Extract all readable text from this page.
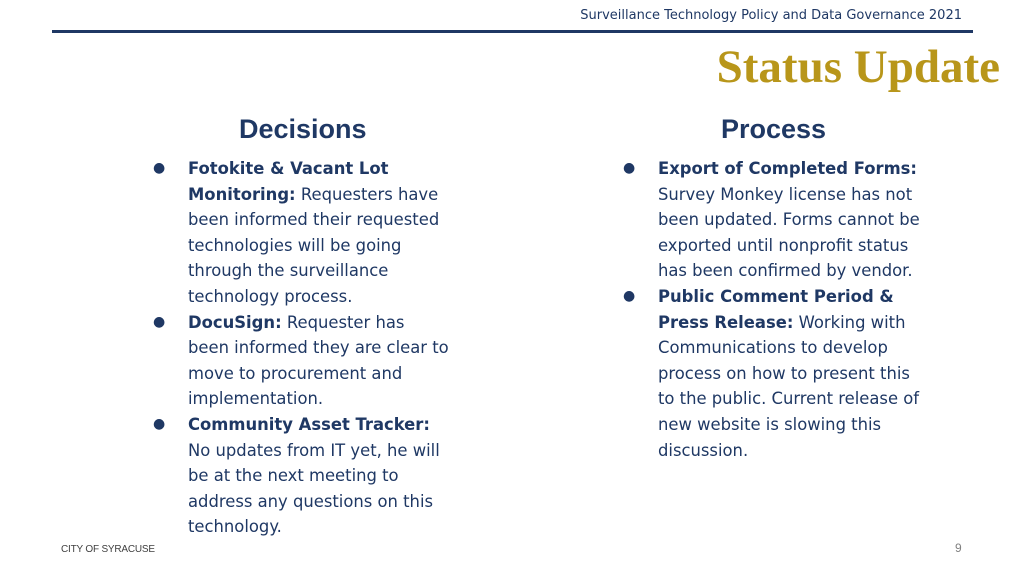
Surveillance Technology Policy and Data Governance 2021
Status Update
Decisions	Process
● Fotokite & Vacant Lot Monitoring: Requesters have been informed their requested technologies will be going through the surveillance technology process.
● DocuSign: Requester has been informed they are clear to move to procurement and implementation.
● Community Asset Tracker: No updates from IT yet, he will be at the next meeting to address any questions on this technology.
● Export of Completed Forms: Survey Monkey license has not been updated. Forms cannot be exported until nonprofit status has been confirmed by vendor.
● Public Comment Period & Press Release: Working with Communications to develop process on how to present this to the public. Current release of new website is slowing this discussion.
CITY OF SYRACUSE	9
